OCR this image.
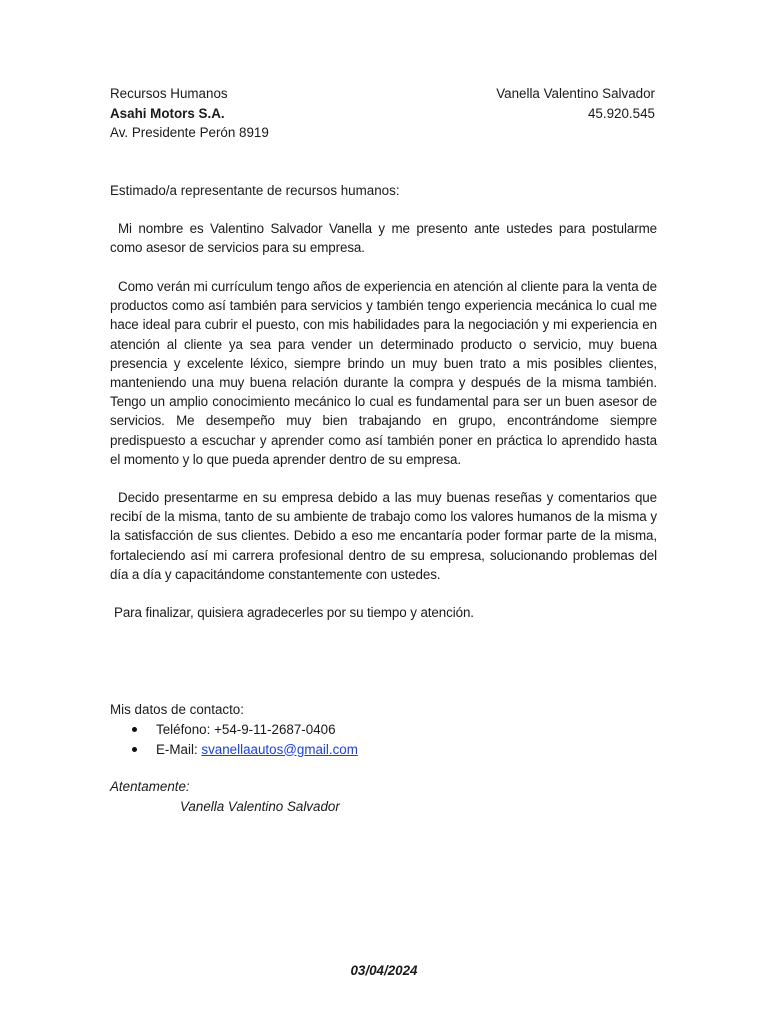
Recursos Humanos
Asahi Motors S.A.
Av. Presidente Perón 8919
Vanella Valentino Salvador
45.920.545
Estimado/a representante de recursos humanos:

Mi nombre es Valentino Salvador Vanella y me presento ante ustedes para postularme como asesor de servicios para su empresa.

Como verán mi currículum tengo años de experiencia en atención al cliente para la venta de productos como así también para servicios y también tengo experiencia mecánica lo cual me hace ideal para cubrir el puesto, con mis habilidades para la negociación y mi experiencia en atención al cliente ya sea para vender un determinado producto o servicio, muy buena presencia y excelente léxico, siempre brindo un muy buen trato a mis posibles clientes, manteniendo una muy buena relación durante la compra y después de la misma también. Tengo un amplio conocimiento mecánico lo cual es fundamental para ser un buen asesor de servicios. Me desempeño muy bien trabajando en grupo, encontrándome siempre predispuesto a escuchar y aprender como así también poner en práctica lo aprendido hasta el momento y lo que pueda aprender dentro de su empresa.

Decido presentarme en su empresa debido a las muy buenas reseñas y comentarios que recibí de la misma, tanto de su ambiente de trabajo como los valores humanos de la misma y la satisfacción de sus clientes. Debido a eso me encantaría poder formar parte de la misma, fortaleciendo así mi carrera profesional dentro de su empresa, solucionando problemas del día a día y capacitándome constantemente con ustedes.

Para finalizar, quisiera agradecerles por su tiempo y atención.

Mis datos de contacto:
Teléfono: +54-9-11-2687-0406
E-Mail: svanellaautos@gmail.com
Atentamente:
Vanella Valentino Salvador
03/04/2024
